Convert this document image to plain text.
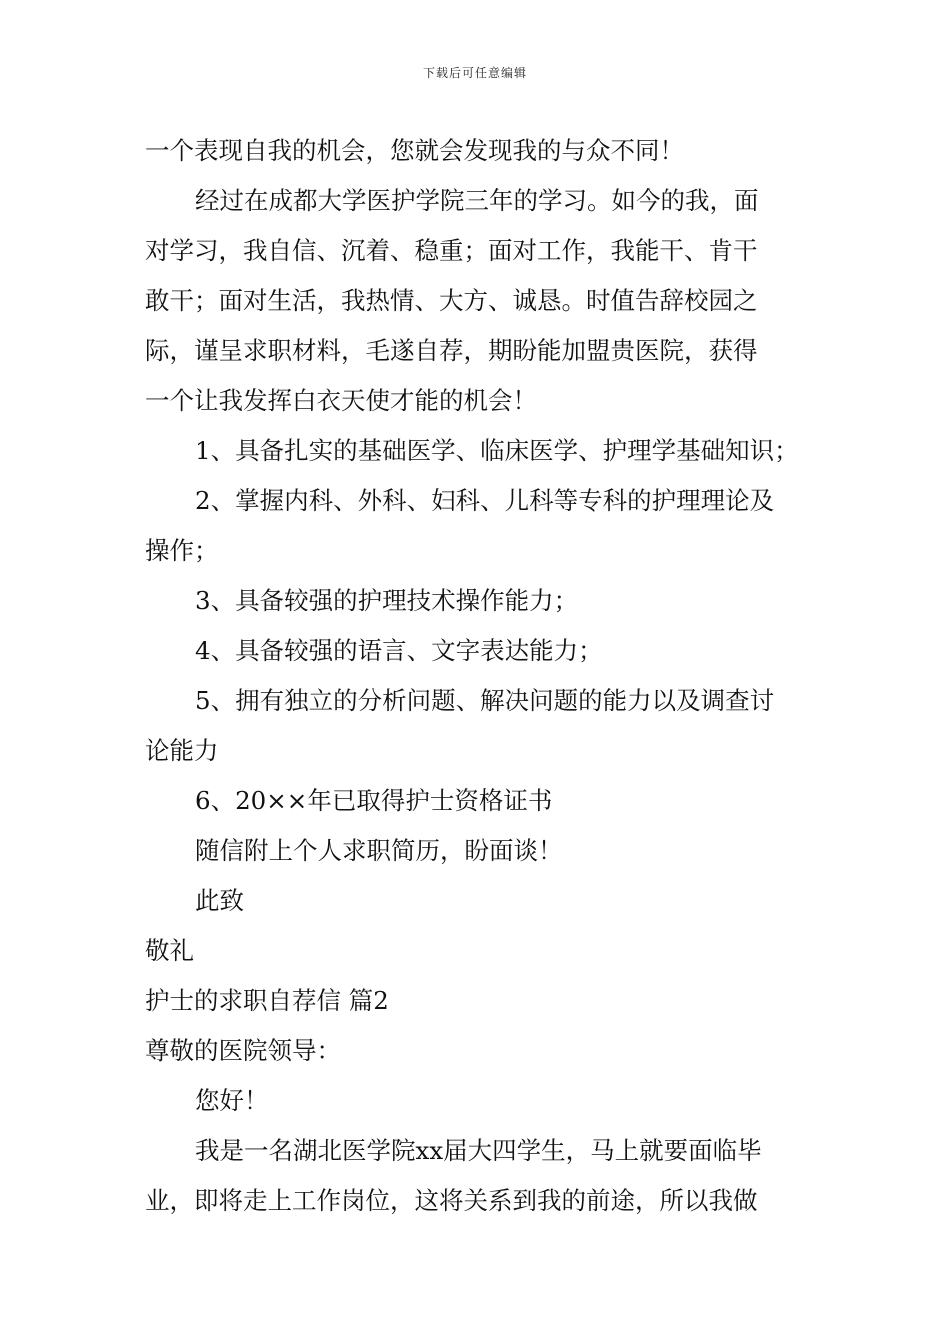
下载后可任意编辑
一个表现自我的机会，您就会发现我的与众不同！
经过在成都大学医护学院三年的学习。如今的我，面
对学习，我自信、沉着、稳重；面对工作，我能干、肯干
敢干；面对生活，我热情、大方、诚恳。时值告辞校园之
际，谨呈求职材料，毛遂自荐，期盼能加盟贵医院，获得
一个让我发挥白衣天使才能的机会！
1、具备扎实的基础医学、临床医学、护理学基础知识；
2、掌握内科、外科、妇科、儿科等专科的护理理论及
操作；
3、具备较强的护理技术操作能力；
4、具备较强的语言、文字表达能力；
5、拥有独立的分析问题、解决问题的能力以及调查讨
论能力
6、20××年已取得护士资格证书
随信附上个人求职简历，盼面谈！
此致
敬礼
护士的求职自荐信 篇2
尊敬的医院领导：
您好！
我是一名湖北医学院xx届大四学生，马上就要面临毕
业，即将走上工作岗位，这将关系到我的前途，所以我做
